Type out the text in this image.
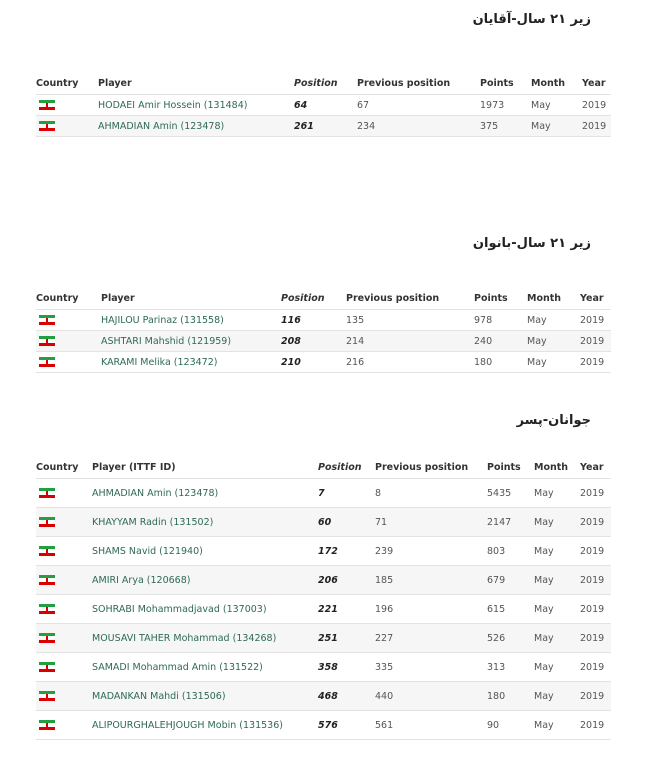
زیر ۲۱ سال-آقایان
Country	Player	Position	Previous position	Points	Month	Year

	HODAEI Amir Hossein (131484)	64	67	1973	May	2019

	AHMADIAN Amin (123478)	261	234	375	May	2019
زیر ۲۱ سال-بانوان
Country	Player	Position	Previous position	Points	Month	Year

	HAJILOU Parinaz (131558)	116	135	978	May	2019

	ASHTARI Mahshid (121959)	208	214	240	May	2019

	KARAMI Melika (123472)	210	216	180	May	2019
جوانان-پسر
Country	Player (ITTF ID)	Position	Previous position	Points	Month	Year

	AHMADIAN Amin (123478)	7	8	5435	May	2019

	KHAYYAM Radin (131502)	60	71	2147	May	2019

	SHAMS Navid (121940)	172	239	803	May	2019

	AMIRI Arya (120668)	206	185	679	May	2019

	SOHRABI Mohammadjavad (137003)	221	196	615	May	2019

	MOUSAVI TAHER Mohammad (134268)	251	227	526	May	2019

	SAMADI Mohammad Amin (131522)	358	335	313	May	2019

	MADANKAN Mahdi (131506)	468	440	180	May	2019

	ALIPOURGHALEHJOUGH Mobin (131536)	576	561	90	May	2019
